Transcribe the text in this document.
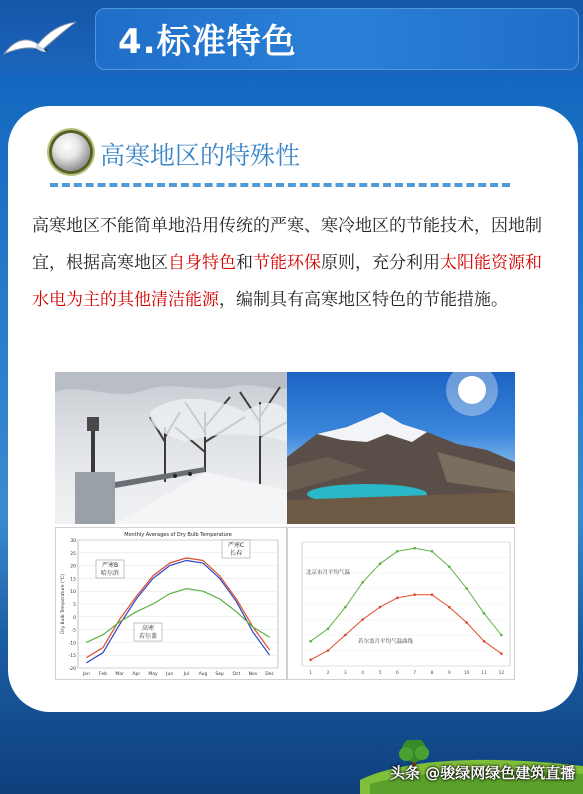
4.标准特色
高寒地区的特殊性
高寒地区不能简单地沿用传统的严寒、寒冷地区的节能技术，因地制宜，根据高寒地区自身特色和节能环保原则，充分利用太阳能资源和水电为主的其他清洁能源，编制具有高寒地区特色的节能措施。
Monthly Averages of Dry Bulb Temperature
-20
-15
-10
-5
0
5
10
15
20
25
30
Jan Feb Mar Apr May Jun Jul Aug Sep Oct Nov Dec
Dry Bulb Temperature (°C)
严寒B
哈尔滨
严寒C
长春
高寒
若尔盖
1	2	3	4	5	6	7	8	9	10	11	12
北京市月平均气温
若尔盖月平均气温曲线
头条 @骏绿网绿色建筑直播
